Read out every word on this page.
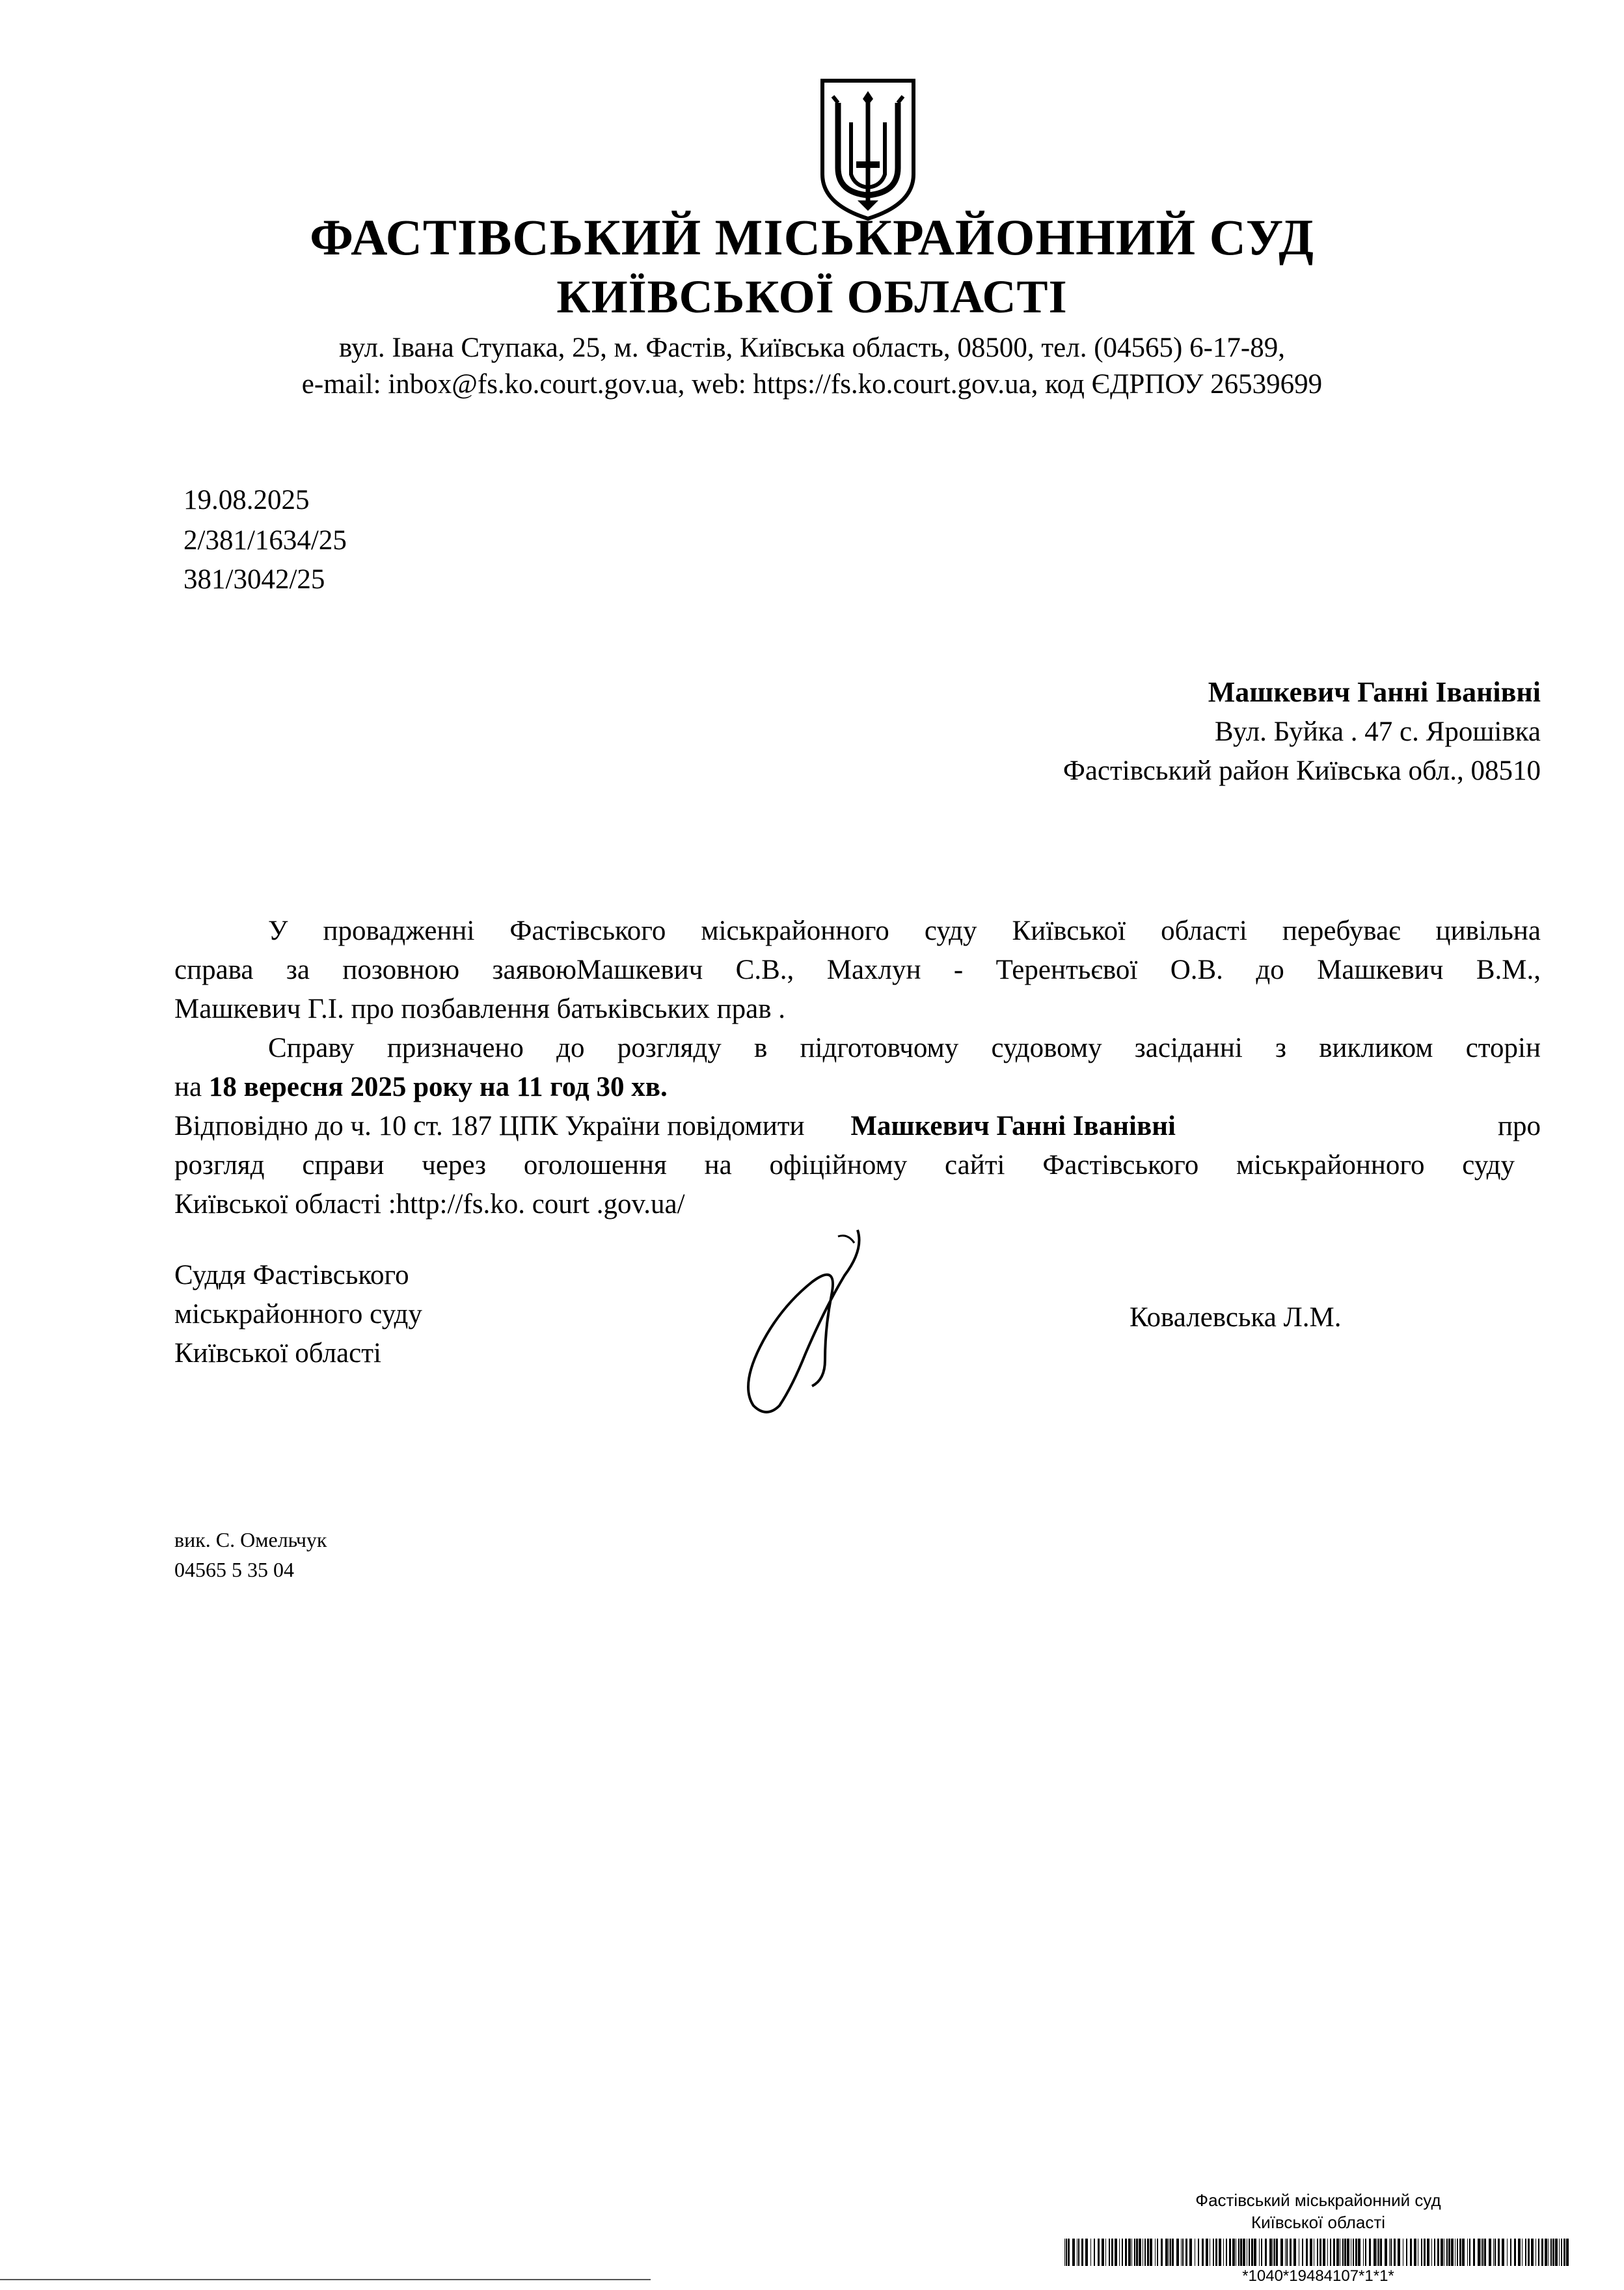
ФАСТІВСЬКИЙ МІСЬКРАЙОННИЙ СУД
КИЇВСЬКОЇ ОБЛАСТІ
вул. Івана Ступака, 25, м. Фастів, Київська область, 08500, тел. (04565) 6-17-89,
e-mail: inbox@fs.ko.court.gov.ua, web: https://fs.ko.court.gov.ua, код ЄДРПОУ 26539699
19.08.2025
2/381/1634/25
381/3042/25
Машкевич Ганні Іванівні
Вул. Буйка . 47 с. Ярошівка
Фастівський район Київська обл., 08510
У провадженні Фастівського міськрайонного суду Київської області перебуває цивільна
справа за позовною заявоюМашкевич С.В., Махлун - Терентьєвої О.В. до Машкевич В.М.,
Машкевич Г.І. про позбавлення батьківських прав .
Справу призначено до розгляду в підготовчому судовому засіданні з викликом сторін
на 18 вересня 2025 року на 11 год 30 хв.
Відповідно до ч. 10 ст. 187 ЦПК України повідомити Машкевич Ганні Іванівні	про
розгляд справи через оголошення на офіційному сайті Фастівського міськрайонного суду
Київської області :http://fs.ko. court .gov.ua/
Суддя Фастівського
міськрайонного суду
Київської області
Ковалевська Л.М.
вик. С. Омельчук
04565 5 35 04
Фастівський міськрайонний суд
Київської області
*1040*19484107*1*1*
